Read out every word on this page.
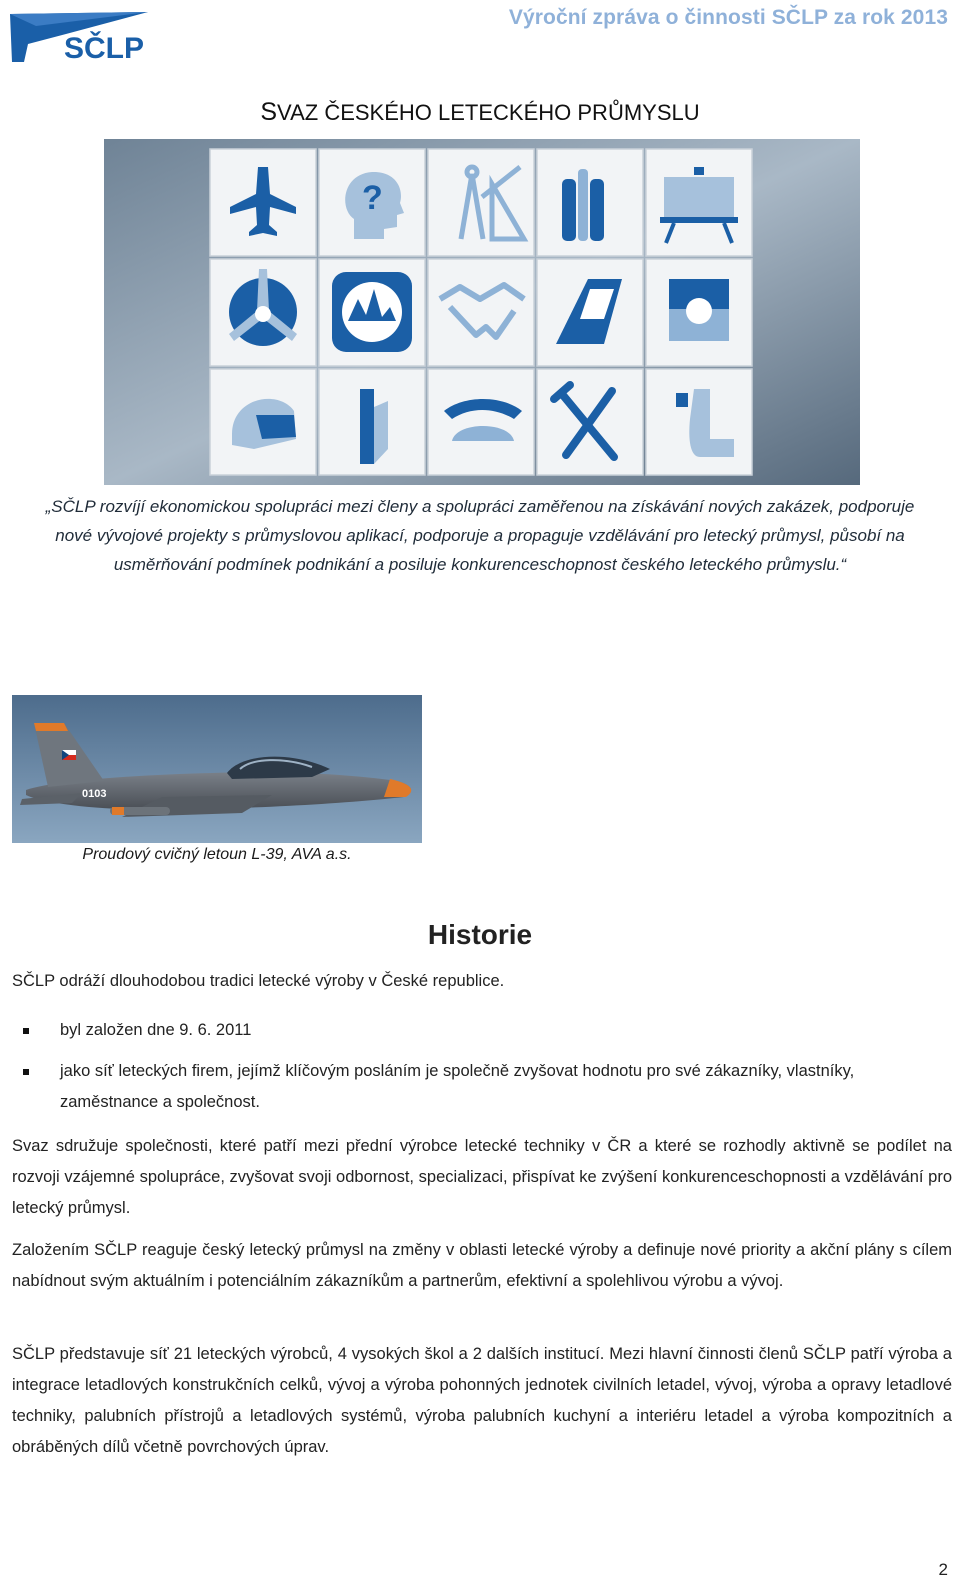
SČLP
Výroční zpráva o činnosti SČLP za rok 2013
SVAZ ČESKÉHO LETECKÉHO PRŮMYSLU
?
„SČLP rozvíjí ekonomickou spolupráci mezi členy a spolupráci zaměřenou na získávání nových zakázek, podporuje nové vývojové projekty s průmyslovou aplikací, podporuje a propaguje vzdělávání pro letecký průmysl, působí na usměrňování podmínek podnikání a posiluje konkurenceschopnost českého leteckého průmyslu.“
0103
Proudový cvičný letoun L-39, AVA a.s.
Historie
SČLP odráží dlouhodobou tradici letecké výroby v České republice.
byl založen dne 9. 6. 2011
jako síť leteckých firem, jejímž klíčovým posláním je společně zvyšovat hodnotu pro své zákazníky, vlastníky, zaměstnance a společnost.

Svaz sdružuje společnosti, které patří mezi přední výrobce letecké techniky v ČR a které se rozhodly aktivně se podílet na rozvoji vzájemné spolupráce, zvyšovat svoji odbornost, specializaci, přispívat ke zvýšení konkurenceschopnosti a vzdělávání pro letecký průmysl.

Založením SČLP reaguje český letecký průmysl na změny v oblasti letecké výroby a definuje nové priority a akční plány s cílem nabídnout svým aktuálním i potenciálním zákazníkům a partnerům, efektivní a spolehlivou výrobu a vývoj.

SČLP představuje síť 21 leteckých výrobců, 4 vysokých škol a 2 dalších institucí. Mezi hlavní činnosti členů SČLP patří výroba a integrace letadlových konstrukčních celků, vývoj a výroba pohonných jednotek civilních letadel, vývoj, výroba a opravy letadlové techniky, palubních přístrojů a letadlových systémů, výroba palubních kuchyní a interiéru letadel a výroba kompozitních a obráběných dílů včetně povrchových úprav.

2
